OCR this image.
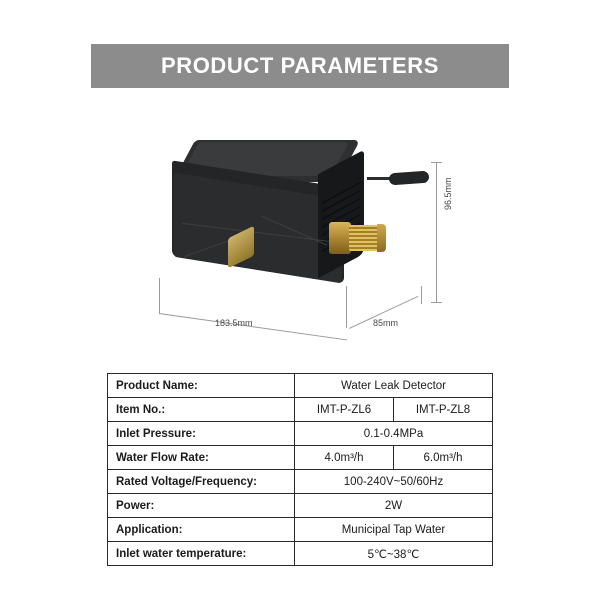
PRODUCT PARAMETERS
96.5mm
183.5mm	85mm
Product Name:	Water Leak Detector	
Item No.:	IMT-P-ZL6	IMT-P-ZL8
Inlet Pressure:	0.1-0.4MPa	
Water Flow Rate:	4.0m³/h	6.0m³/h
Rated Voltage/Frequency:	100-240V~50/60Hz	
Power:	2W	
Application:	Municipal Tap Water	
Inlet water temperature:	5℃~38℃	
